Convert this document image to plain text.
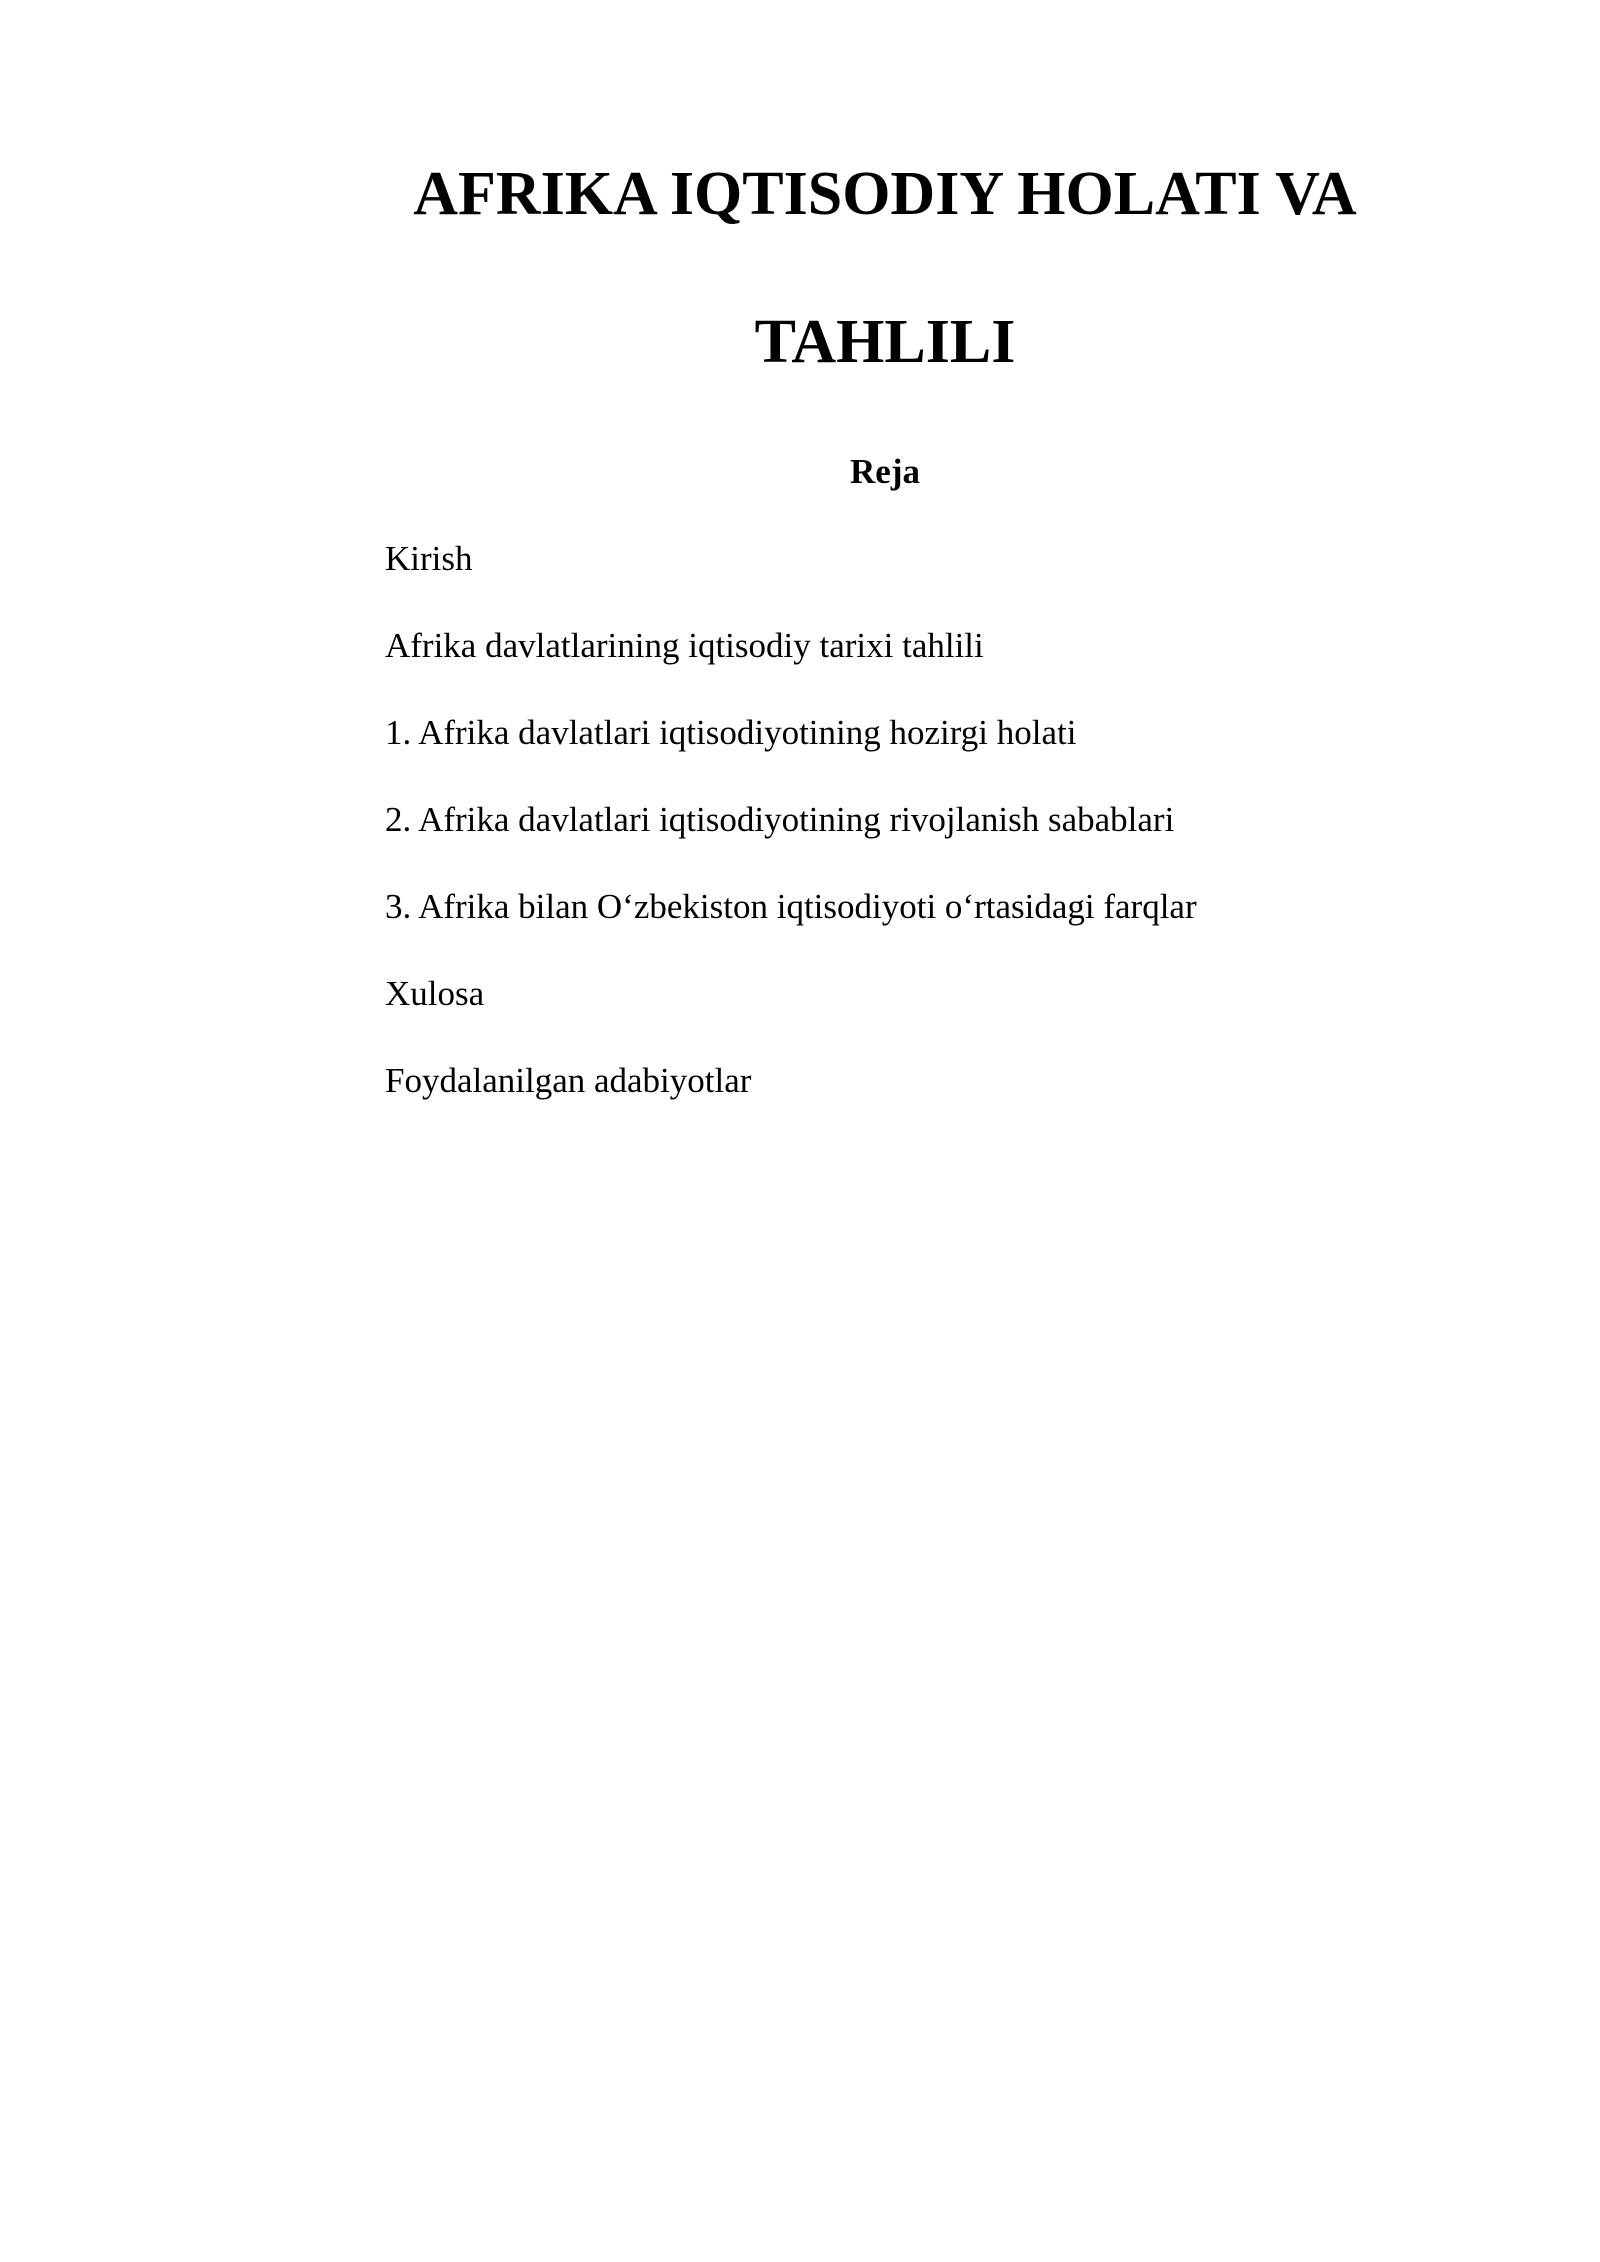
AFRIKA IQTISODIY HOLATI VA
TAHLILI
Reja
Kirish
Afrika davlatlarining iqtisodiy tarixi tahlili
1. Afrika davlatlari iqtisodiyotining hozirgi holati
2. Afrika davlatlari iqtisodiyotining rivojlanish sabablari
3. Afrika bilan O‘zbekiston iqtisodiyoti o‘rtasidagi farqlar
Xulosa
Foydalanilgan adabiyotlar
